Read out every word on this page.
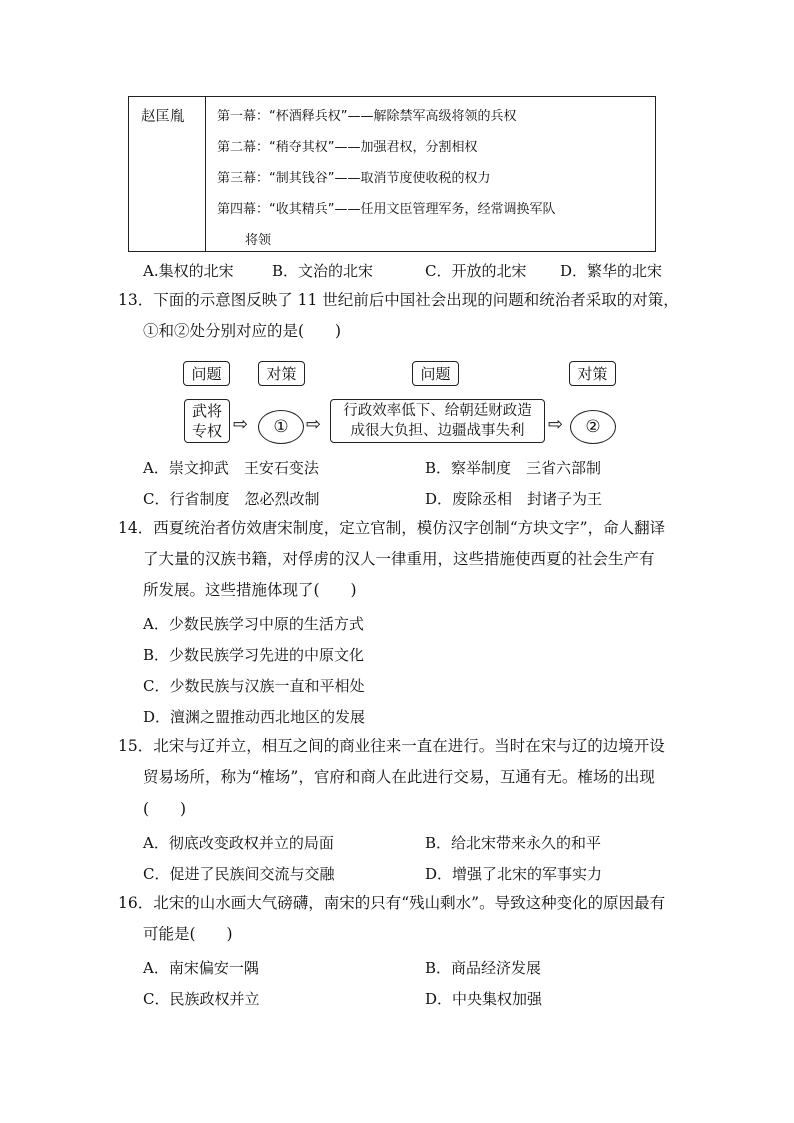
赵匡胤	第一幕：“杯酒释兵权”——解除禁军高级将领的兵权
第二幕：“稍夺其权”——加强君权，分割相权
第三幕：“制其钱谷”——取消节度使收税的权力
第四幕：“收其精兵”——任用文臣管理军务，经常调换军队
将领
A.集权的北宋	B．文治的北宋	C．开放的北宋 D．繁华的北宋
13．下面的示意图反映了 11 世纪前后中国社会出现的问题和统治者采取的对策，
①和②处分别对应的是(　　)
问题	对策	问题	对策
武将
专权 ⇨	① ⇨
行政效率低下、给朝廷财政造
成很大负担、边疆战事失利 ⇨	②
A．崇文抑武　王安石变法	B．察举制度　三省六部制
C．行省制度　忽必烈改制	D．废除丞相　封诸子为王
14．西夏统治者仿效唐宋制度，定立官制，模仿汉字创制“方块文字”，命人翻译
了大量的汉族书籍，对俘虏的汉人一律重用，这些措施使西夏的社会生产有
所发展。这些措施体现了(　　)
A．少数民族学习中原的生活方式
B．少数民族学习先进的中原文化
C．少数民族与汉族一直和平相处
D．澶渊之盟推动西北地区的发展
15．北宋与辽并立，相互之间的商业往来一直在进行。当时在宋与辽的边境开设
贸易场所，称为“榷场”，官府和商人在此进行交易，互通有无。榷场的出现
(　　)
A．彻底改变政权并立的局面	B．给北宋带来永久的和平
C．促进了民族间交流与交融	D．增强了北宋的军事实力
16．北宋的山水画大气磅礴，南宋的只有“残山剩水”。导致这种变化的原因最有
可能是(　　)
A．南宋偏安一隅	B．商品经济发展
C．民族政权并立	D．中央集权加强
